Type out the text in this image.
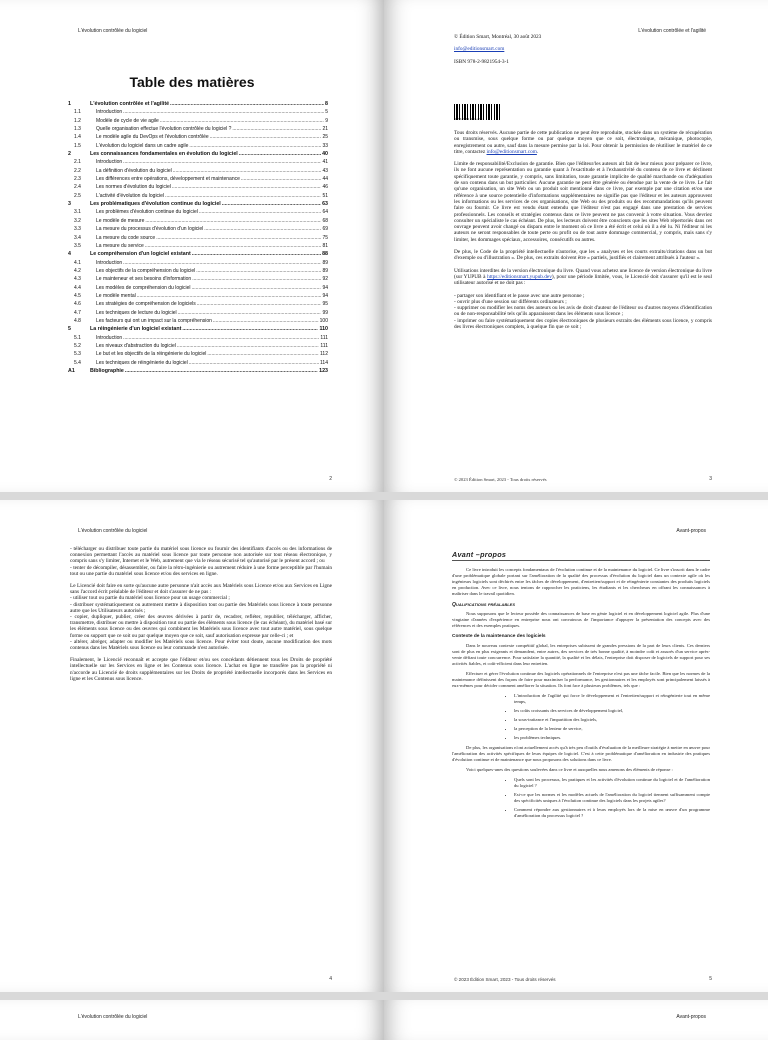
L'évolution contrôlée du logiciel
Table des matières
1	L'évolution contrôlée et l'agilité .....	8
1.1	Introduction .....	5
1.2	Modèle de cycle de vie agile .....	9
1.3	Quelle organisation effectue l'évolution contrôlée du logiciel ? .....	21
1.4	Le modèle agile du DevOps et l'évolution contrôlée .....	25
1.5	L'évolution du logiciel dans un cadre agile .....	33
2	Les connaissances fondamentales en évolution du logiciel .....	40
2.1	Introduction .....	41
2.2	La définition d'évolution du logiciel .....	43
2.3	Les différences entre opérations, développement et maintenance .....	44
2.4	Les normes d'évolution du logiciel .....	46
2.5	L'activité d'évolution du logiciel .....	51
3	Les problématiques d'évolution continue du logiciel .....	63
3.1	Les problèmes d'évolution continue du logiciel .....	64
3.2	Le modèle de mesure .....	68
3.3	La mesure du processus d'évolution d'un logiciel .....	69
3.4	La mesure du code source .....	75
3.5	La mesure du service .....	81
4	Le compréhension d'un logiciel existant .....	88
4.1	Introduction .....	89
4.2	Les objectifs de la compréhension du logiciel .....	89
4.3	Le mainteneur et ses besoins d'information .....	92
4.4	Les modèles de compréhension du logiciel .....	94
4.5	Le modèle mental .....	94
4.6	Les stratégies de compréhension de logiciels .....	95
4.7	Les techniques de lecture du logiciel .....	99
4.8	Les facteurs qui ont un impact sur la compréhension .....	100
5	La réingénierie d'un logiciel existant .....	110
5.1	Introduction .....	111
5.2	Les niveaux d'abstraction du logiciel .....	111
5.3	Le but et les objectifs de la réingénierie du logiciel .....	112
5.4	Les techniques de réingénierie du logiciel .....	114
A1	Bibliographie .....	123
2
L'évolution contrôlée et l'agilité
© Édition Smart, Montréal, 30 août 2023
info@editionsmart.com
ISBN 978-2-9821954-3-1
9 782982 195431

Tous droits réservés. Aucune partie de cette publication ne peut être reproduite, stockée dans un système de récupération ou transmise, sous quelque forme ou par quelque moyen que ce soit, électronique, mécanique, photocopie, enregistrement ou autre, sauf dans la mesure permise par la loi. Pour obtenir la permission de réutiliser le matériel de ce titre, contactez info@editionsmart.com.

Limite de responsabilité/Exclusion de garantie. Bien que l'éditeur/les auteurs ait fait de leur mieux pour préparer ce livre, ils ne font aucune représentation ou garantie quant à l'exactitude et à l'exhaustivité du contenu de ce livre et déclinent spécifiquement toute garantie, y compris, sans limitation, toute garantie implicite de qualité marchande ou d'adéquation de son contenu dans un but particulier. Aucune garantie ne peut être générée ou étendue par la vente de ce livre. Le fait qu'une organisation, un site Web ou un produit soit mentionné dans ce livre, par exemple par une citation et/ou une référence à une source potentielle d'informations supplémentaires ne signifie pas que l'éditeur et les auteurs approuvent les informations ou les services de ces organisations, site Web ou des produits ou des recommandations qu'ils peuvent faire ou fournir. Ce livre est vendu étant entendu que l'éditeur n'est pas engagé dans une prestation de services professionnels. Les conseils et stratégies contenus dans ce livre peuvent ne pas convenir à votre situation. Vous devriez consulter un spécialiste le cas échéant. De plus, les lecteurs doivent être conscients que les sites Web répertoriés dans cet ouvrage peuvent avoir changé ou disparu entre le moment où ce livre a été écrit et celui où il a été lu. Ni l'éditeur ni les auteurs ne seront responsables de toute perte ou profit ou de tout autre dommage commercial, y compris, mais sans s'y limiter, les dommages spéciaux, accessoires, consécutifs ou autres.

De plus, le Code de la propriété intellectuelle n'autorise, que les « analyses et les courts extraits/citations dans un but d'exemple ou d'illustration ». De plus, ces extraits doivent être « partiels, justifiés et clairement attribués à l'auteur ».

Utilisations interdites de la version électronique du livre. Quand vous achetez une licence de version électronique du livre (sur YUPUB à https://editionsmart.yupub.dev), pour une période limitée, vous, le Licencié doit s'assurer qu'il est le seul utilisateur autorisé et ne doit pas :

- partager son identifiant et le passe avec une autre personne ;
- ouvrir plus d'une session sur différents ordinateurs ;
- supprimer ou modifier les noms des auteurs ou les avis de droit d'auteur de l'éditeur ou d'autres moyens d'identification ou de non-responsabilité tels qu'ils apparaissent dans les éléments sous licence ;
- imprimer ou faire systématiquement des copies électroniques de plusieurs extraits des éléments sous licence, y compris des livres électroniques complets, à quelque fin que ce soit ;
© 2023 Édition Smart, 2023 - Tous droits réservés	3
L'évolution contrôlée du logiciel

- télécharger ou distribuer toute partie du matériel sous licence ou fournir des identifiants d'accès ou des informations de connexion permettant l'accès au matériel sous licence par toute personne non autorisée sur tout réseau électronique, y compris sans s'y limiter, Internet et le Web, autrement que via le réseau sécurisé tel qu'autorisé par le présent accord ; ou
- tenter de décompiler, désassembler, ou faire la rétro-ingénierie ou autrement réduire à une forme perceptible par l'humain tout ou une partie du matériel sous licence et/ou des services en ligne.

Le Licencié doit faire en sorte qu'aucune autre personne n'ait accès aux Matériels sous Licence et/ou aux Services en Ligne sans l'accord écrit préalable de l'éditeur et doit s'assurer de ne pas :
- utiliser tout ou partie du matériel sous licence pour un usage commercial ;
- distribuer systématiquement ou autrement mettre à disposition tout ou partie des Matériels sous licence à toute personne autre que les Utilisateurs autorisés ;
- copier, dupliquer, publier, créer des œuvres dérivées à partir de, recadrer, refléter, republier, télécharger, afficher, transmettre, distribuer ou mettre à disposition tout ou partie des éléments sous licence (le cas échéant), du matériel basé sur les éléments sous licence ou des œuvres qui combinent les Matériels sous licence avec tout autre matériel, sous quelque forme ou support que ce soit ou par quelque moyen que ce soit, sauf autorisation expresse par celle-ci ; et
- altérer, abréger, adapter ou modifier les Matériels sous licence. Pour éviter tout doute, aucune modification des mots contenus dans les Matériels sous licence ou leur commande n'est autorisée.

Finalement, le Licencié reconnaît et accepte que l'éditeur et/ou ses concédants détiennent tous les Droits de propriété intellectuelle sur les Services en ligne et les Contenus sous licence. L'achat en ligne ne transfère pas la propriété ni n'accorde au Licencié de droits supplémentaires sur les Droits de propriété intellectuelle incorporés dans les Services en ligne et les Contenus sous licence.

4
Avant-propos
Avant –propos

Ce livre introduit les concepts fondamentaux de l'évolution continue et de la maintenance du logiciel. Ce livre s'inscrit dans le cadre d'une problématique globale portant sur l'amélioration de la qualité des processus d'évolution du logiciel dans un contexte agile où les ingénieurs logiciels sont déchirés entre les tâches de développement, d'entretien/support et de réingénierie constantes des produits logiciels en production. Avec ce livre, nous tentons de rapprocher les praticiens, les étudiants et les chercheurs en offrant les connaissances à maîtriser dans le travail quotidien.

Qualifications préalables

Nous supposons que le lecteur possède des connaissances de base en génie logiciel et en développement logiciel agile. Plus d'une vingtaine d'années d'expérience en entreprise nous ont convaincus de l'importance d'appuyer la présentation des concepts avec des références et des exemples pratiques.

Contexte de la maintenance des logiciels

Dans le nouveau contexte compétitif global, les entreprises subissent de grandes pressions de la part de leurs clients. Ces derniers sont de plus en plus exigeants et demandent, entre autres, des services de très bonne qualité, à moindre coût et assurés d'un service après-vente défiant toute concurrence. Pour satisfaire la quantité, la qualité et les délais, l'entreprise doit disposer de logiciels de support pour ses activités fiables, et coût-efficient dans leur entretien.

Effectuer et gérer l'évolution continue des logiciels opérationnels de l'entreprise n'est pas une tâche facile. Bien que les normes de la maintenance définissent des façons de faire pour maximiser la performance, les gestionnaires et les employés sont principalement laissés à eux-mêmes pour décider comment améliorer la situation. Ils font face à plusieurs problèmes, tels que :

• L'introduction de l'agilité qui force le développement et l'entretien/support et réingénierie tout en même temps,
• les coûts croissants des services de développement logiciel,
• la sous-traitance et l'impartition des logiciels,
• la perception de la lenteur de service,
• les problèmes techniques.

De plus, les organisations n'ont actuellement accès qu'à très peu d'outils d'évaluation de la meilleure stratégie à mettre en œuvre pour l'amélioration des activités spécifiques de leurs équipes de logiciel. C'est à cette problématique d'amélioration en industrie des pratiques d'évolution continue et de maintenance que nous proposons des solutions dans ce livre.

Voici quelques-unes des questions soulevées dans ce livre et auxquelles nous amenons des éléments de réponse :

• Quels sont les processus, les pratiques et les activités d'évolution continue du logiciel et de l'amélioration du logiciel ?
• Est-ce que les normes et les modèles actuels de l'amélioration du logiciel tiennent suffisamment compte des spécificités uniques à l'évolution continue des logiciels dans les projets agiles?
• Comment répondre aux gestionnaires et à leurs employés lors de la mise en œuvre d'un programme d'amélioration du processus logiciel ?
© 2023 Édition Smart, 2023 - Tous droits réservés	5
L'évolution contrôlée du logiciel	Avant-propos
